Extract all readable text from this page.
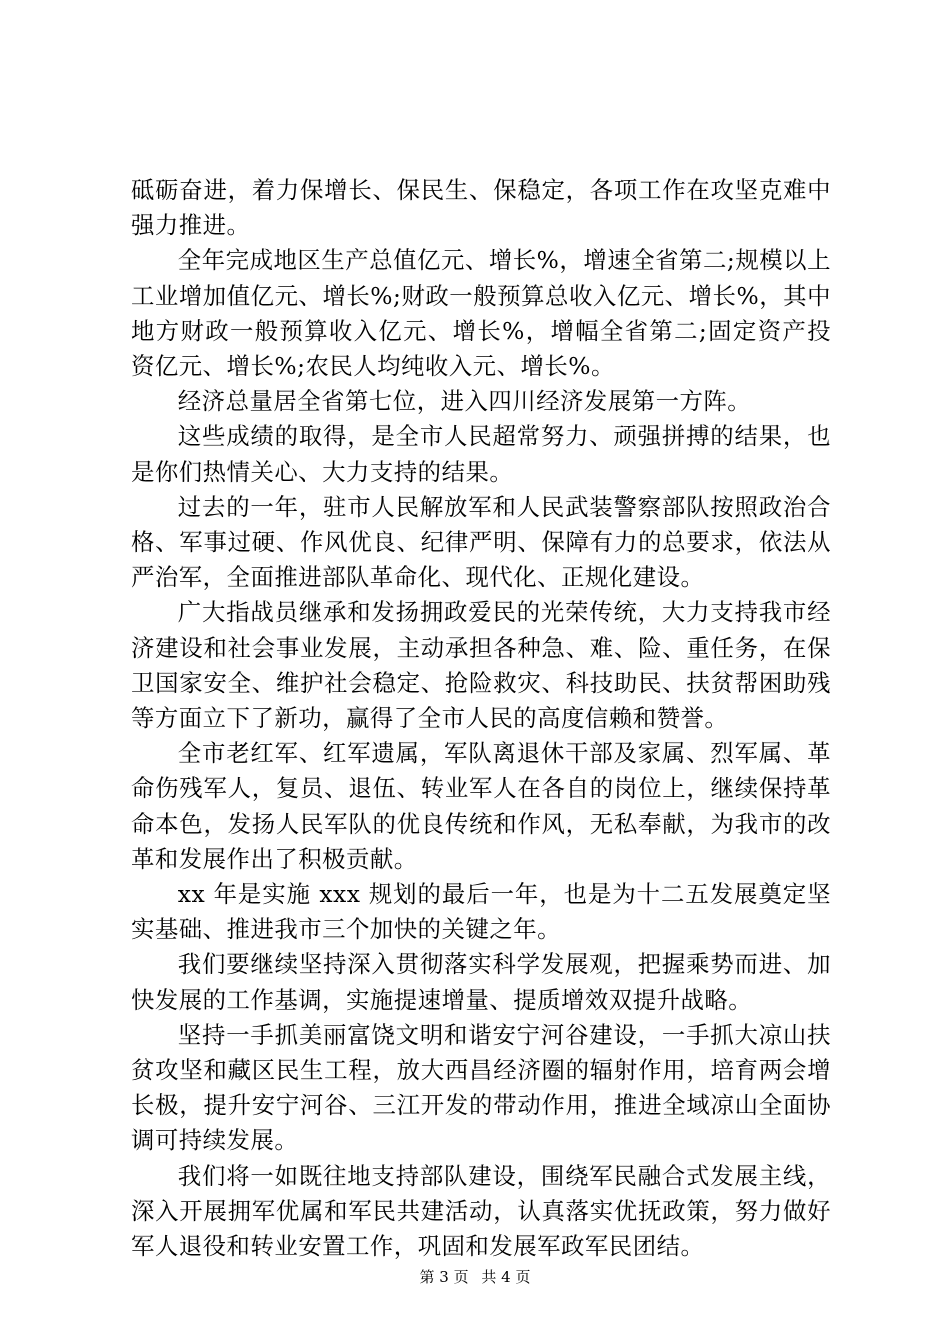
砥砺奋进，着力保增长、保民生、保稳定，各项工作在攻坚克难中强力推进。

全年完成地区生产总值亿元、增长%，增速全省第二;规模以上工业增加值亿元、增长%;财政一般预算总收入亿元、增长%，其中地方财政一般预算收入亿元、增长%，增幅全省第二;固定资产投资亿元、增长%;农民人均纯收入元、增长%。

经济总量居全省第七位，进入四川经济发展第一方阵。

这些成绩的取得，是全市人民超常努力、顽强拼搏的结果，也是你们热情关心、大力支持的结果。

过去的一年，驻市人民解放军和人民武装警察部队按照政治合格、军事过硬、作风优良、纪律严明、保障有力的总要求，依法从严治军，全面推进部队革命化、现代化、正规化建设。

广大指战员继承和发扬拥政爱民的光荣传统，大力支持我市经济建设和社会事业发展，主动承担各种急、难、险、重任务，在保卫国家安全、维护社会稳定、抢险救灾、科技助民、扶贫帮困助残等方面立下了新功，赢得了全市人民的高度信赖和赞誉。

全市老红军、红军遗属，军队离退休干部及家属、烈军属、革命伤残军人，复员、退伍、转业军人在各自的岗位上，继续保持革命本色，发扬人民军队的优良传统和作风，无私奉献，为我市的改革和发展作出了积极贡献。

xx 年是实施 xxx 规划的最后一年，也是为十二五发展奠定坚实基础、推进我市三个加快的关键之年。

我们要继续坚持深入贯彻落实科学发展观，把握乘势而进、加快发展的工作基调，实施提速增量、提质增效双提升战略。

坚持一手抓美丽富饶文明和谐安宁河谷建设，一手抓大凉山扶贫攻坚和藏区民生工程，放大西昌经济圈的辐射作用，培育两会增长极，提升安宁河谷、三江开发的带动作用，推进全域凉山全面协调可持续发展。

我们将一如既往地支持部队建设，围绕军民融合式发展主线，深入开展拥军优属和军民共建活动，认真落实优抚政策，努力做好军人退役和转业安置工作，巩固和发展军政军民团结。

第 3 页 共 4 页
